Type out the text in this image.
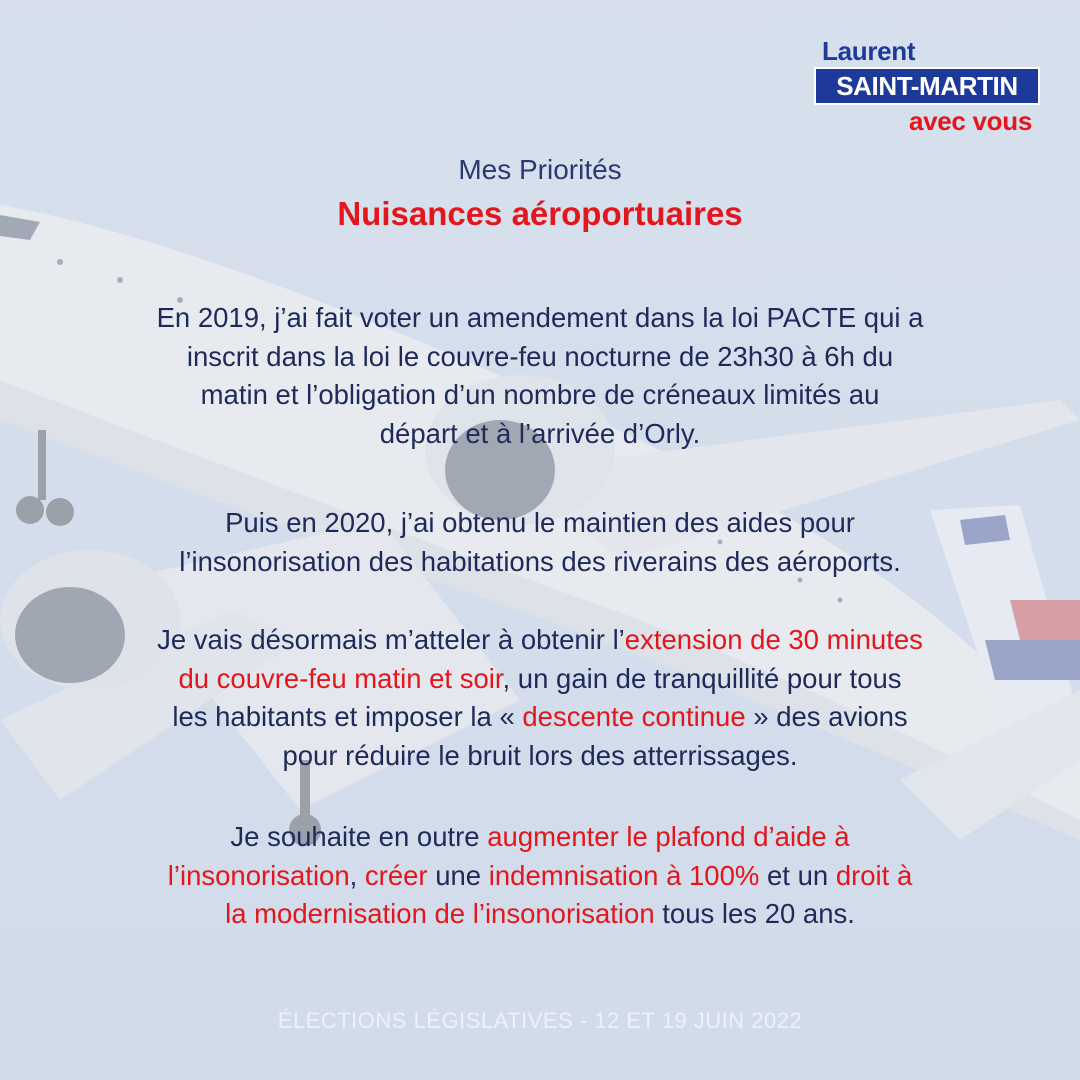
Laurent
SAINT-MARTIN
avec vous
Mes Priorités
Nuisances aéroportuaires
En 2019, j’ai fait voter un amendement dans la loi PACTE qui a
inscrit dans la loi le couvre-feu nocturne de 23h30 à 6h du
matin et l’obligation d’un nombre de créneaux limités au
départ et à l’arrivée d’Orly.
Puis en 2020, j’ai obtenu le maintien des aides pour
l’insonorisation des habitations des riverains des aéroports.
Je vais désormais m’atteler à obtenir l’extension de 30 minutes
du couvre-feu matin et soir, un gain de tranquillité pour tous
les habitants et imposer la « descente continue » des avions
pour réduire le bruit lors des atterrissages.
Je souhaite en outre augmenter le plafond d’aide à
l’insonorisation, créer une indemnisation à 100% et un droit à
la modernisation de l’insonorisation tous les 20 ans.
ÉLECTIONS LÉGISLATIVES - 12 ET 19 JUIN 2022
